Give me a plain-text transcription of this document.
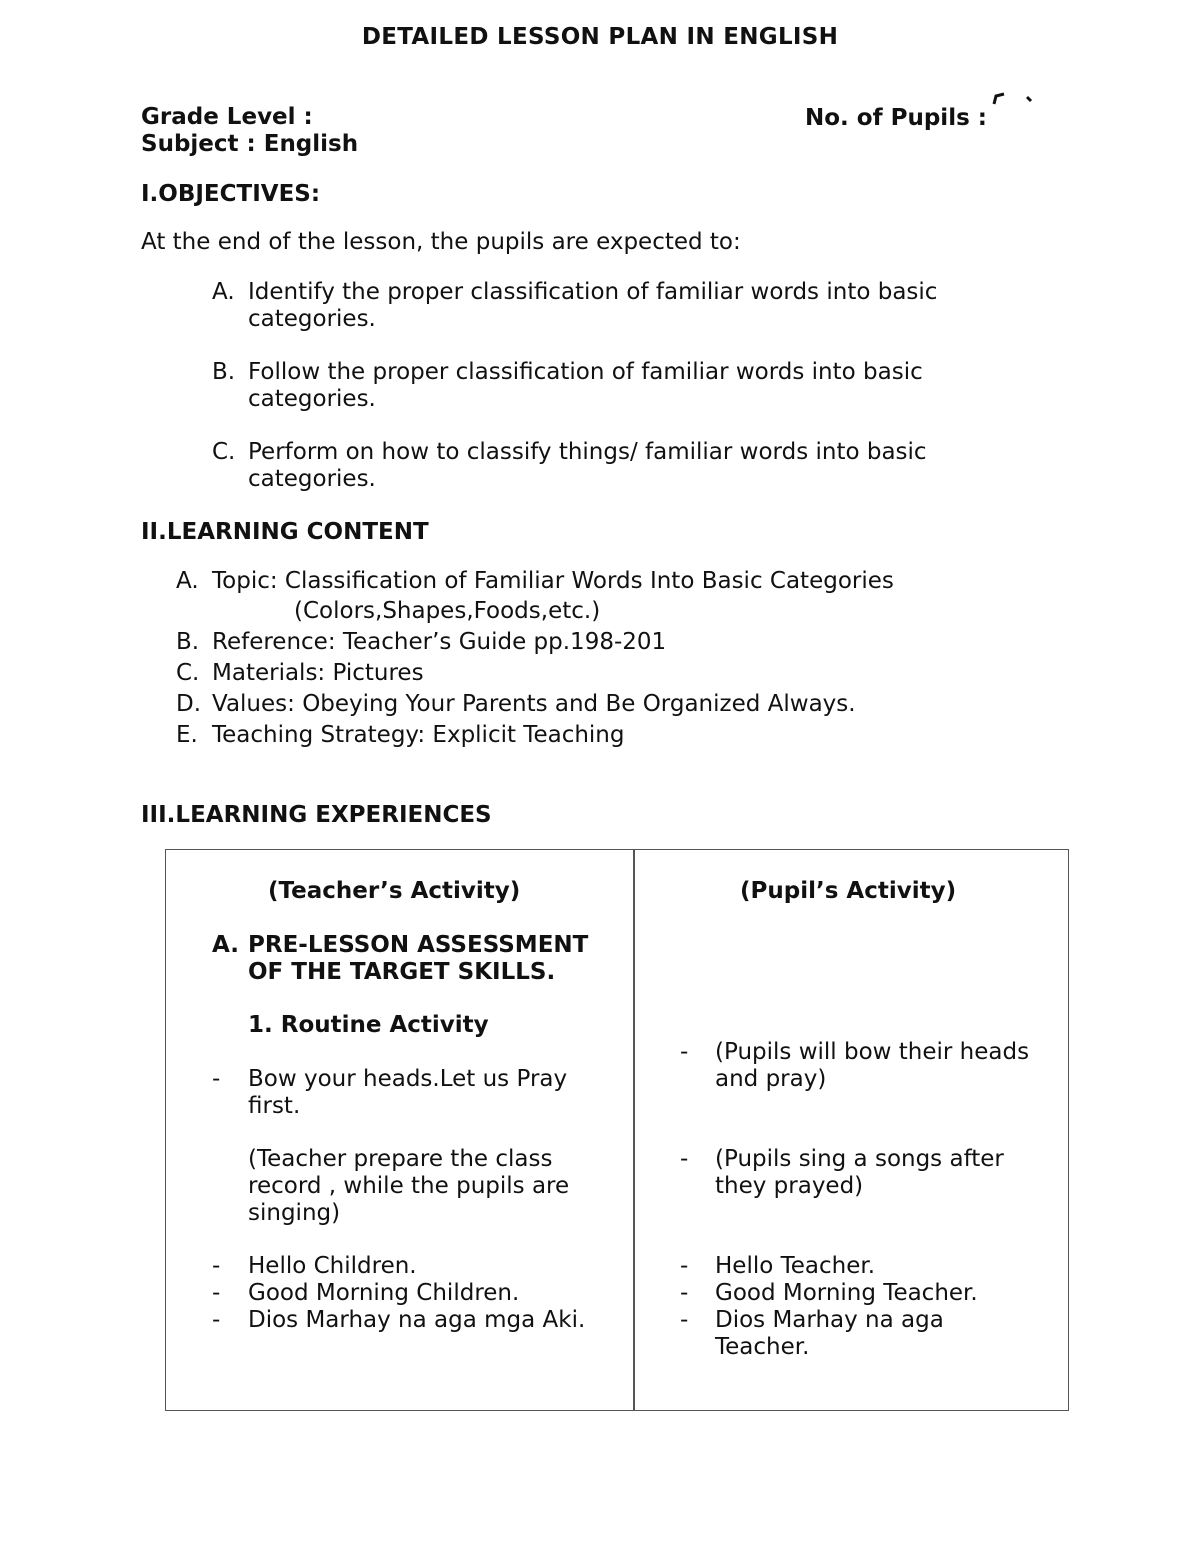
DETAILED LESSON PLAN IN ENGLISH
Grade Level :
Subject : English
No. of Pupils :
I.OBJECTIVES:
At the end of the lesson, the pupils are expected to:
A. Identify the proper classification of familiar words into basic
categories.
B. Follow the proper classification of familiar words into basic
categories.
C. Perform on how to classify things/ familiar words into basic
categories.
II.LEARNING CONTENT
A. Topic: Classification of Familiar Words Into Basic Categories
(Colors,Shapes,Foods,etc.)
B. Reference: Teacher’s Guide pp.198-201
C. Materials: Pictures
D. Values: Obeying Your Parents and Be Organized Always.
E. Teaching Strategy: Explicit Teaching
III.LEARNING EXPERIENCES
(Teacher’s Activity)
A. PRE-LESSON ASSESSMENT
OF THE TARGET SKILLS.
1. Routine Activity
- Bow your heads.Let us Pray
first.
(Teacher prepare the class
record , while the pupils are
singing)
- Hello Children.
- Good Morning Children.
- Dios Marhay na aga mga Aki.
(Pupil’s Activity)
- (Pupils will bow their heads
and pray)
- (Pupils sing a songs after
they prayed)
- Hello Teacher.
- Good Morning Teacher.
- Dios Marhay na aga
Teacher.
